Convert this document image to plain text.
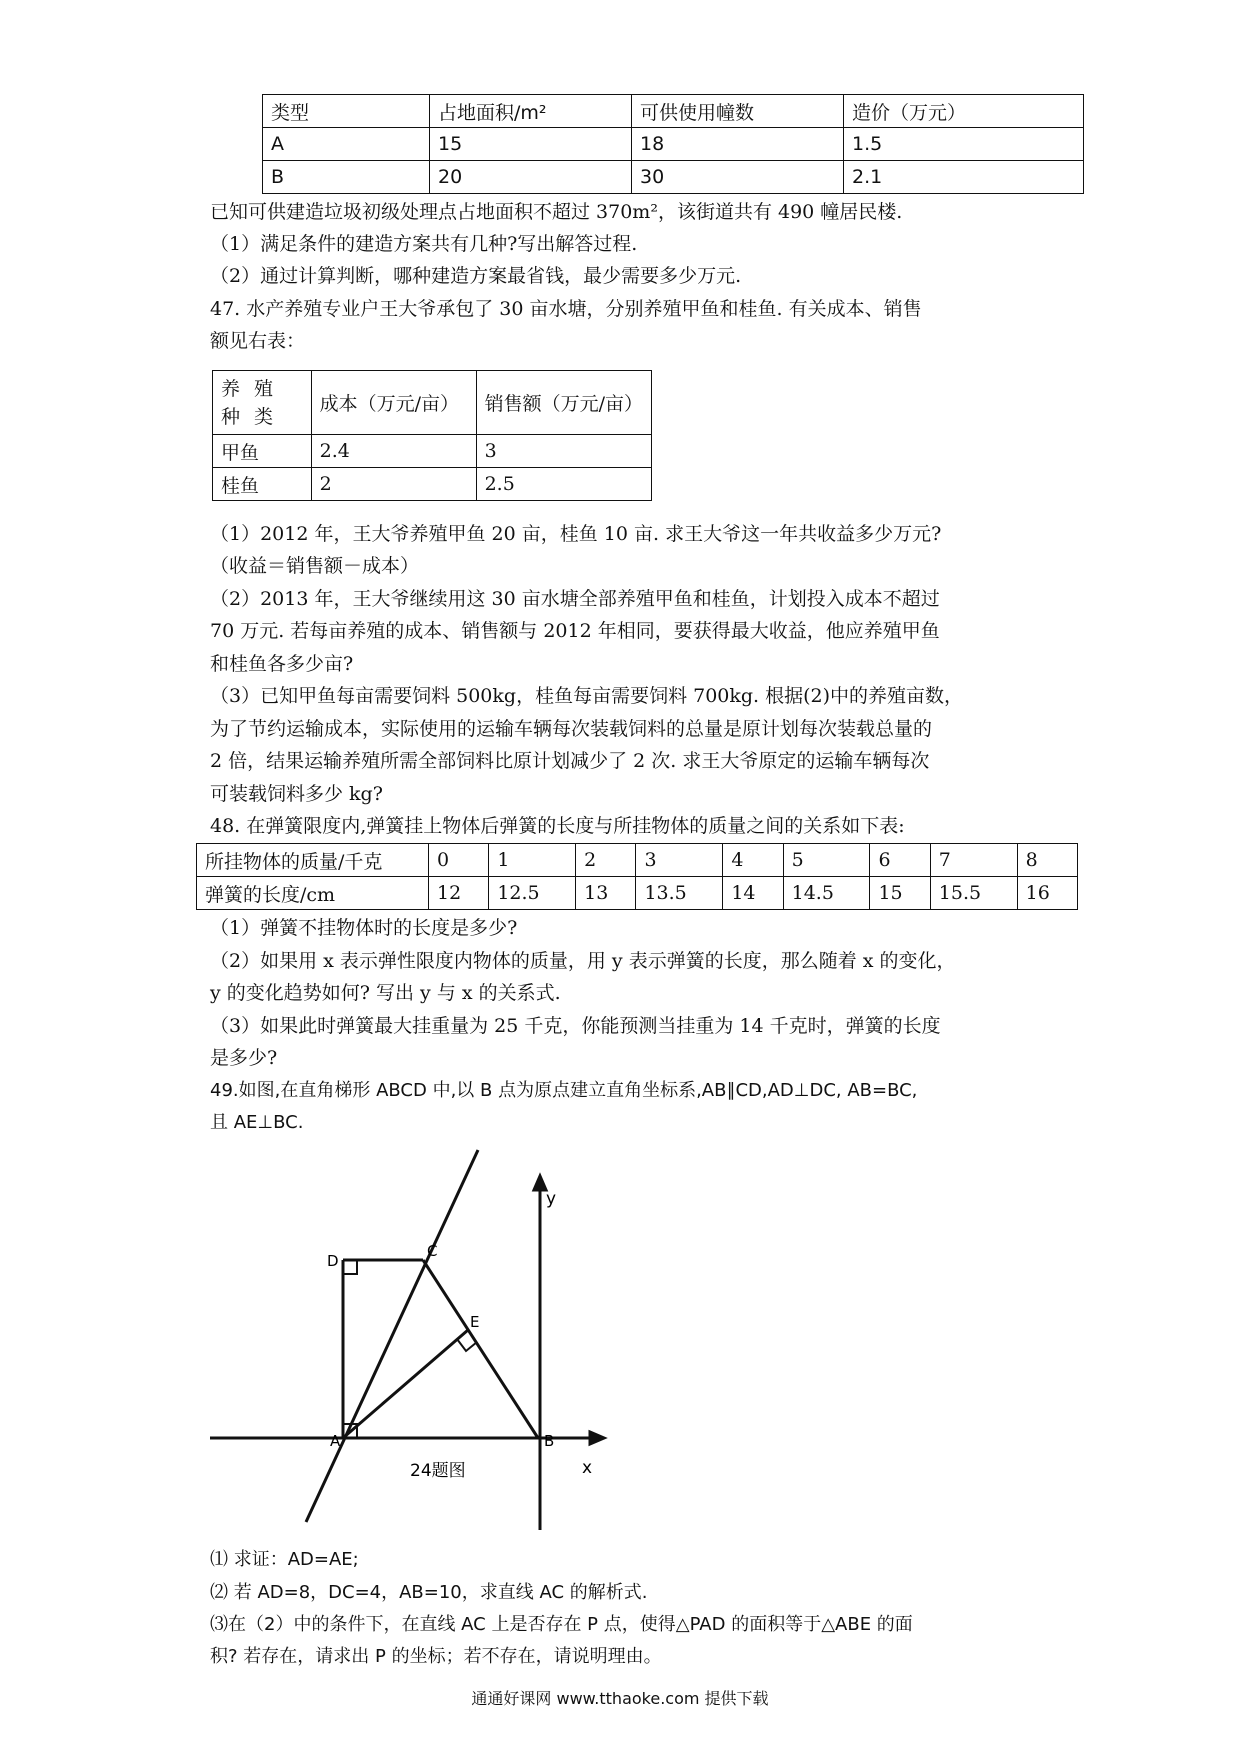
类型	占地面积/m²	可供使用幢数	造价（万元）
A	15	18	1.5
B	20	30	2.1
已知可供建造垃圾初级处理点占地面积不超过 370m²，该街道共有 490 幢居民楼.
（1）满足条件的建造方案共有几种?写出解答过程.
（2）通过计算判断，哪种建造方案最省钱，最少需要多少万元.
47. 水产养殖专业户王大爷承包了 30 亩水塘，分别养殖甲鱼和桂鱼. 有关成本、销售
额见右表：
养 殖 种 类	成本（万元/亩）	销售额（万元/亩）
甲鱼	2.4	3
桂鱼	2	2.5
（1）2012 年，王大爷养殖甲鱼 20 亩，桂鱼 10 亩. 求王大爷这一年共收益多少万元?
（收益＝销售额－成本）
（2）2013 年，王大爷继续用这 30 亩水塘全部养殖甲鱼和桂鱼，计划投入成本不超过
70 万元. 若每亩养殖的成本、销售额与 2012 年相同，要获得最大收益，他应养殖甲鱼
和桂鱼各多少亩?
（3）已知甲鱼每亩需要饲料 500kg，桂鱼每亩需要饲料 700kg. 根据(2)中的养殖亩数，
为了节约运输成本，实际使用的运输车辆每次装载饲料的总量是原计划每次装载总量的
2 倍，结果运输养殖所需全部饲料比原计划减少了 2 次. 求王大爷原定的运输车辆每次
可装载饲料多少 kg?
48. 在弹簧限度内,弹簧挂上物体后弹簧的长度与所挂物体的质量之间的关系如下表:
所挂物体的质量/千克	0	1	2	3	4	5	6	7	8
弹簧的长度/cm	12	12.5	13	13.5	14	14.5	15	15.5	16
（1）弹簧不挂物体时的长度是多少?
（2）如果用 x 表示弹性限度内物体的质量，用 y 表示弹簧的长度，那么随着 x 的变化，
y 的变化趋势如何? 写出 y 与 x 的关系式.
（3）如果此时弹簧最大挂重量为 25 千克，你能预测当挂重为 14 千克时，弹簧的长度
是多少?
49.如图,在直角梯形 ABCD 中,以 B 点为原点建立直角坐标系,AB∥CD,AD⊥DC, AB=BC,
且 AE⊥BC.
y
x
D
C
E
A	B
24题图
⑴ 求证：AD=AE;
⑵ 若 AD=8，DC=4，AB=10，求直线 AC 的解析式.
⑶在（2）中的条件下，在直线 AC 上是否存在 P 点，使得△PAD 的面积等于△ABE 的面
积? 若存在，请求出 P 的坐标；若不存在，请说明理由。
通通好课网 www.tthaoke.com 提供下载
